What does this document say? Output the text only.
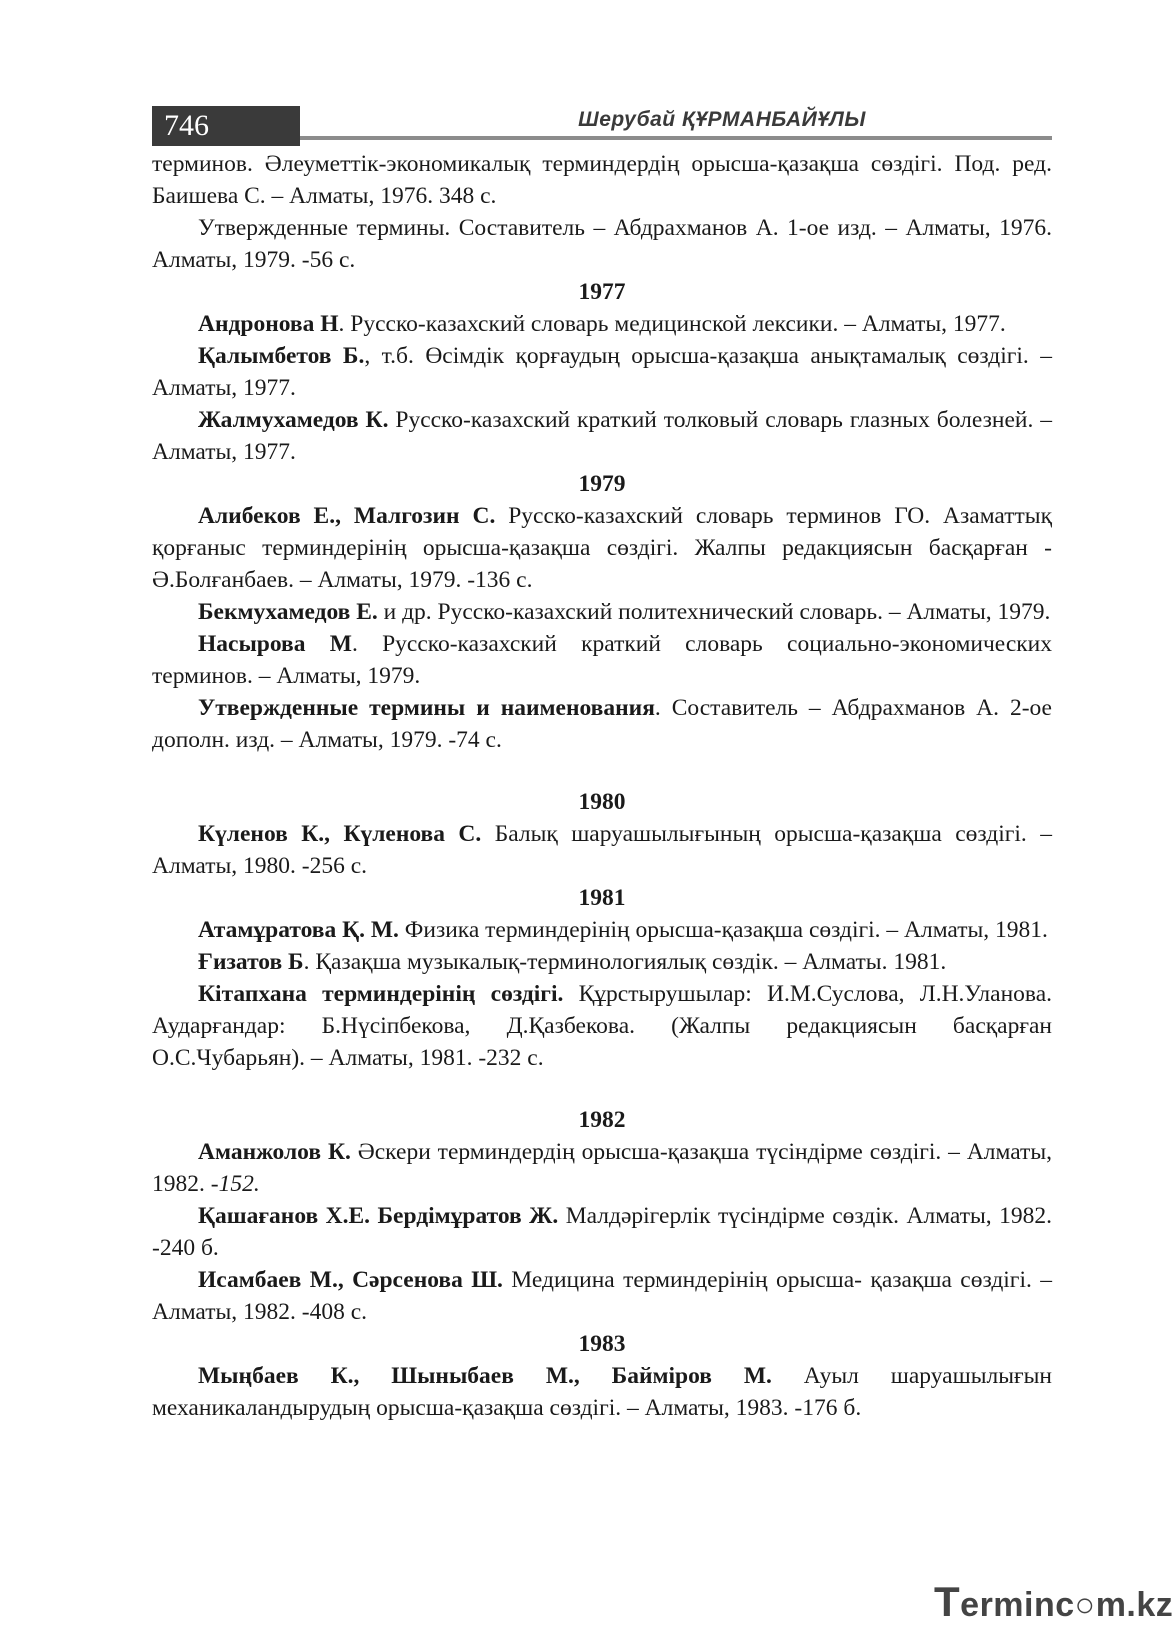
746	Шерубай ҚҰРМАНБАЙҰЛЫ

терминов. Әлеуметтік-экономикалық терминдердің орысша-қазақша сөздігі. Под. ред. Баишева С. – Алматы, 1976. 348 с.

Утвержденные термины. Составитель – Абдрахманов А. 1-ое изд. – Алматы, 1976. Алматы, 1979. -56 с.

1977

Андронова Н. Русско-казахский словарь медицинской лексики. – Алматы, 1977.

Қалымбетов Б., т.б. Өсімдік қорғаудың орысша-қазақша анықтамалық сөздігі. – Алматы, 1977.

Жалмухамедов К. Русско-казахский краткий толковый словарь глазных болезней. – Алматы, 1977.

1979

Алибеков Е., Малгозин С. Русско-казахский словарь терминов ГО. Азаматтық қорғаныс терминдерінің орысша-қазақша сөздігі. Жалпы редакциясын басқарған - Ә.Болғанбаев. – Алматы, 1979. -136 с.

Бекмухамедов Е. и др. Русско-казахский политехнический словарь. – Алматы, 1979.

Насырова М. Русско-казахский краткий словарь социально-экономических терминов. – Алматы, 1979.

Утвержденные термины и наименования. Составитель – Абдрахманов А. 2-ое дополн. изд. – Алматы, 1979. -74 с.

1980

Күленов К., Күленова С. Балық шаруашылығының орысша-қазақша сөздігі. – Алматы, 1980. -256 с.

1981

Атамұратова Қ. М. Физика терминдерінің орысша-қазақша сөздігі. – Алматы, 1981.

Ғизатов Б. Қазақша музыкалық-терминологиялық сөздік. – Алматы. 1981.

Кітапхана терминдерінің сөздігі. Құрстырушылар: И.М.Суслова, Л.Н.Уланова. Аударғандар: Б.Нүсіпбекова, Д.Қазбекова. (Жалпы редакциясын басқарған О.С.Чубарьян). – Алматы, 1981. -232 с.

1982

Аманжолов К. Әскери терминдердің орысша-қазақша түсіндірме сөздігі. – Алматы, 1982. -152.

Қашағанов Х.Е. Бердімұратов Ж. Малдәрігерлік түсіндірме сөздік. Алматы, 1982. -240 б.

Исамбаев М., Сәрсенова Ш. Медицина терминдерінің орысша- қазақша сөздігі. – Алматы, 1982. -408 с.

1983

Мыңбаев К., Шыныбаев М., Байміров М. Ауыл шаруашылығын механикаландырудың орысша-қазақша сөздігі. – Алматы, 1983. -176 б.

Terminc○m.kz
